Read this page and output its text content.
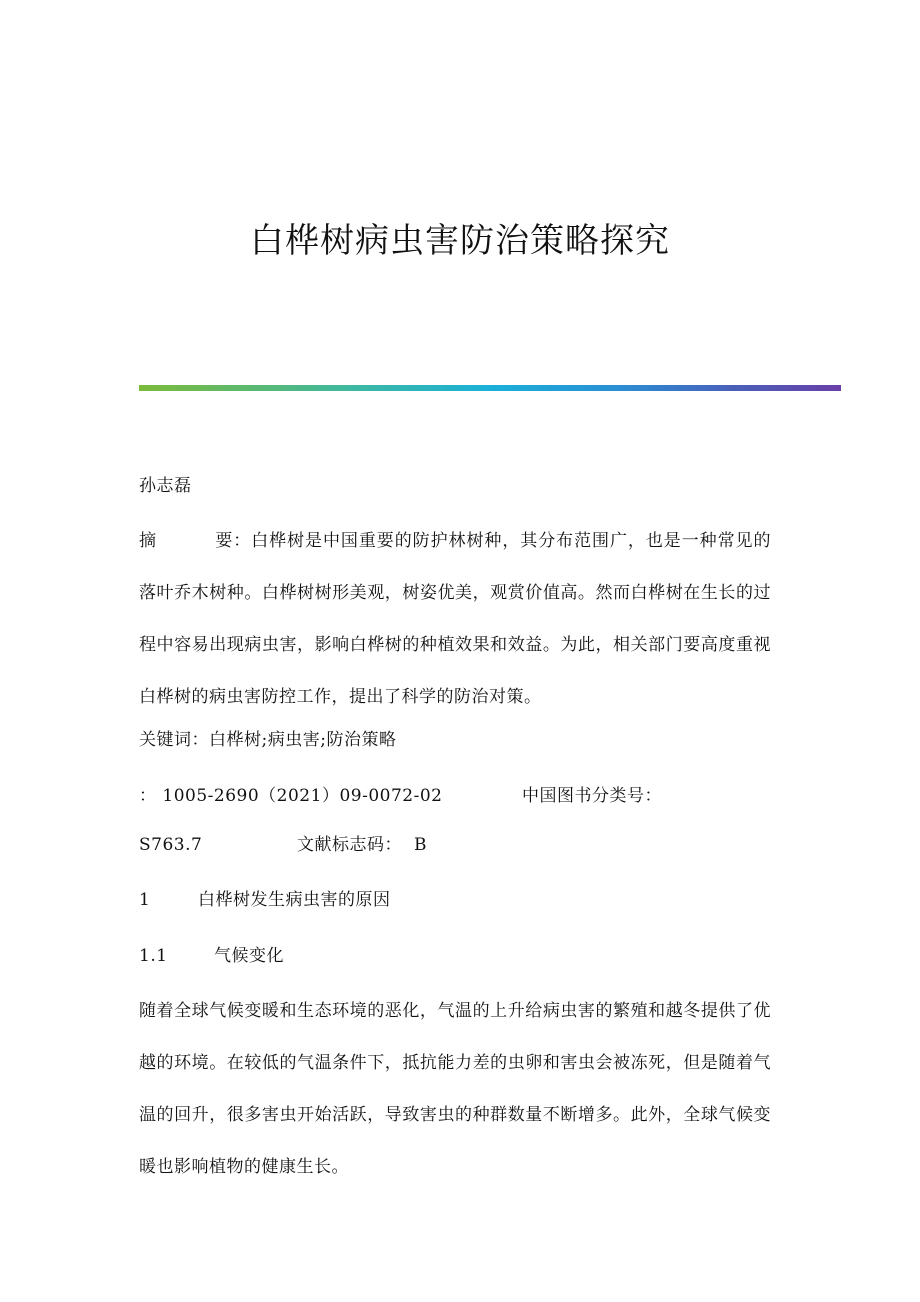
白桦树病虫害防治策略探究
孙志磊

摘	要：白桦树是中国重要的防护林树种，其分布范围广，也是一种常见的落叶乔木树种。白桦树树形美观，树姿优美，观赏价值高。然而白桦树在生长的过程中容易出现病虫害，影响白桦树的种植效果和效益。为此，相关部门要高度重视白桦树的病虫害防控工作，提出了科学的防治对策。

关键词：白桦树;病虫害;防治策略
： 1005-2690（2021）09-0072-02	中国图书分类号：
S763.7	文献标志码： B
1	白桦树发生病虫害的原因
1.1	气候变化

随着全球气候变暖和生态环境的恶化，气温的上升给病虫害的繁殖和越冬提供了优越的环境。在较低的气温条件下，抵抗能力差的虫卵和害虫会被冻死，但是随着气温的回升，很多害虫开始活跃，导致害虫的种群数量不断增多。此外，全球气候变暖也影响植物的健康生长。
